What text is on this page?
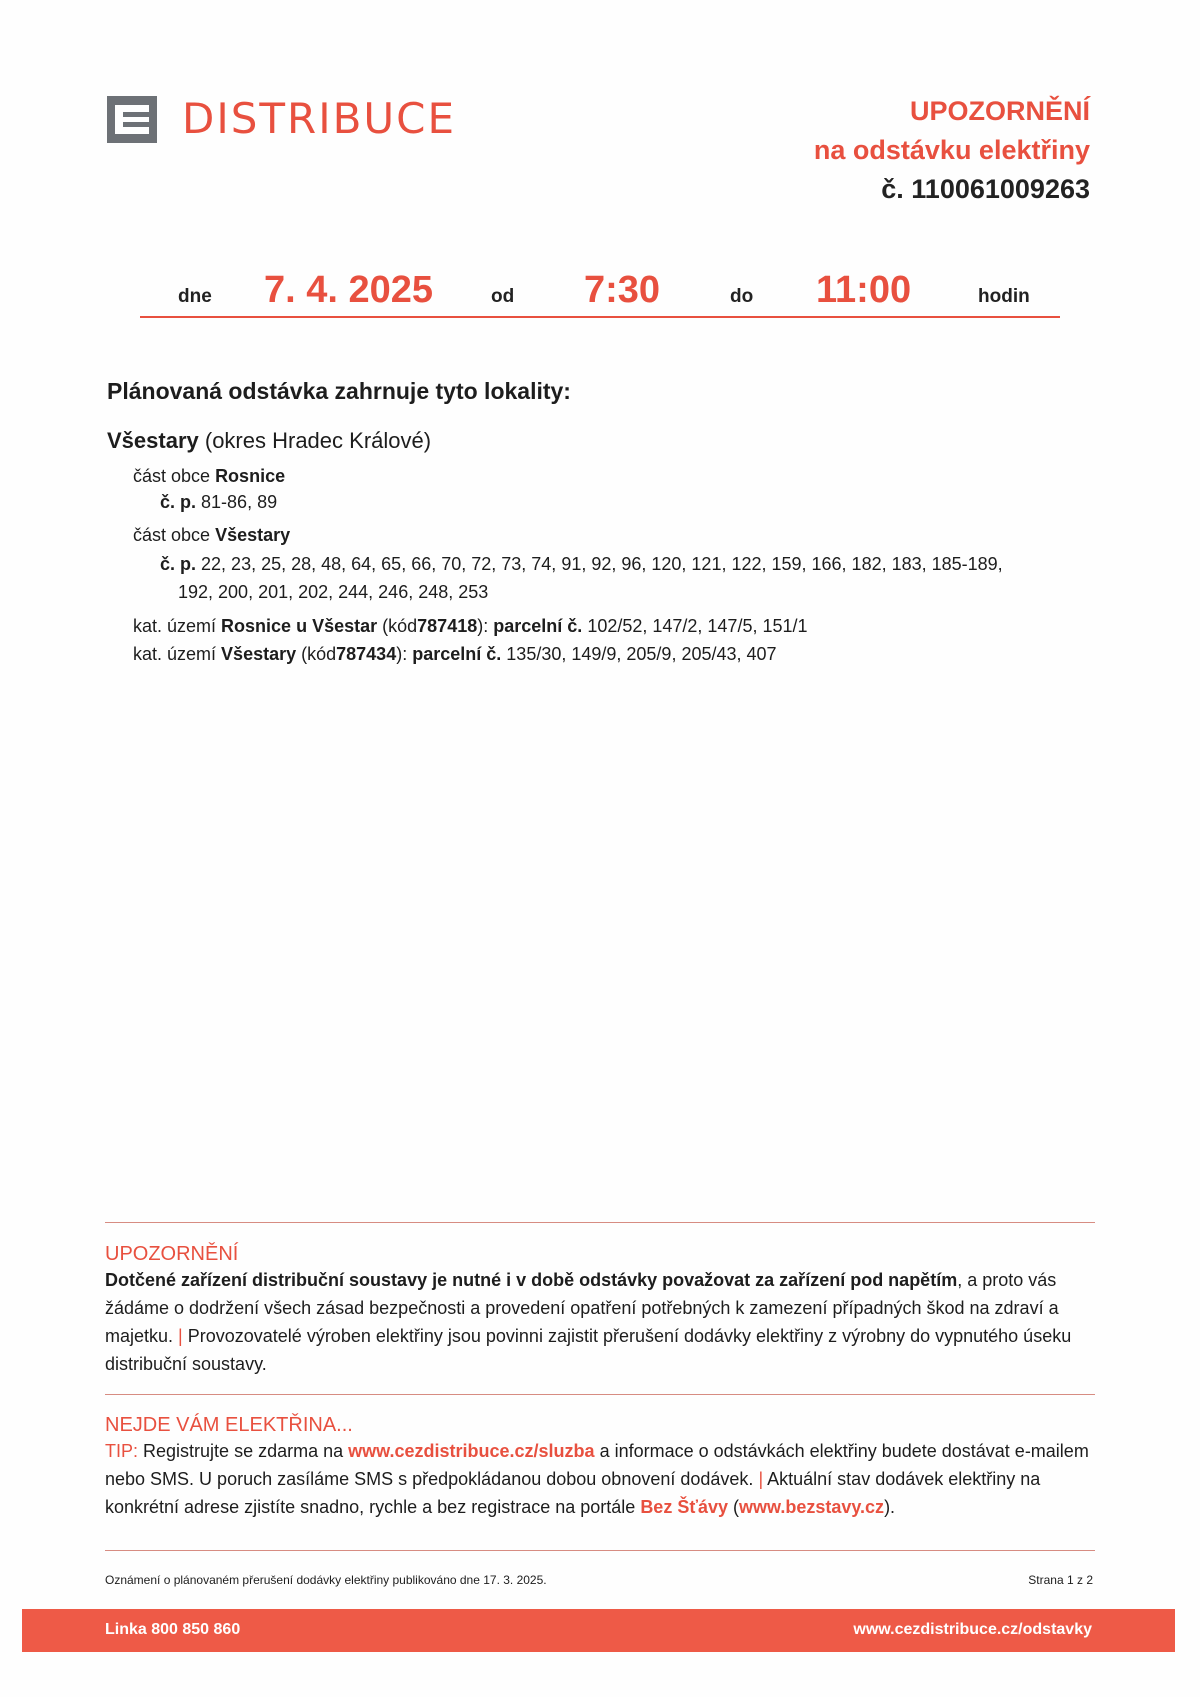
DISTRIBUCE	UPOZORNĚNÍ
na odstávku elektřiny
č. 110061009263
dne 7. 4. 2025	od 7:30	do 11:00	hodin
Plánovaná odstávka zahrnuje tyto lokality:
Všestary (okres Hradec Králové)
část obce Rosnice
č. p. 81-86, 89
část obce Všestary
č. p. 22, 23, 25, 28, 48, 64, 65, 66, 70, 72, 73, 74, 91, 92, 96, 120, 121, 122, 159, 166, 182, 183, 185-189,
192, 200, 201, 202, 244, 246, 248, 253
kat. území Rosnice u Všestar (kód787418): parcelní č. 102/52, 147/2, 147/5, 151/1
kat. území Všestary (kód787434): parcelní č. 135/30, 149/9, 205/9, 205/43, 407
UPOZORNĚNÍ
Dotčené zařízení distribuční soustavy je nutné i v době odstávky považovat za zařízení pod napětím, a proto vás žádáme o dodržení všech zásad bezpečnosti a provedení opatření potřebných k zamezení případných škod na zdraví a majetku. | Provozovatelé výroben elektřiny jsou povinni zajistit přerušení dodávky elektřiny z výrobny do vypnutého úseku distribuční soustavy.
NEJDE VÁM ELEKTŘINA...
TIP: Registrujte se zdarma na www.cezdistribuce.cz/sluzba a informace o odstávkách elektřiny budete dostávat e-mailem nebo SMS. U poruch zasíláme SMS s předpokládanou dobou obnovení dodávek. | Aktuální stav dodávek elektřiny na konkrétní adrese zjistíte snadno, rychle a bez registrace na portále Bez Šťávy (www.bezstavy.cz).
Oznámení o plánovaném přerušení dodávky elektřiny publikováno dne 17. 3. 2025.	Strana 1 z 2
Linka 800 850 860	www.cezdistribuce.cz/odstavky
